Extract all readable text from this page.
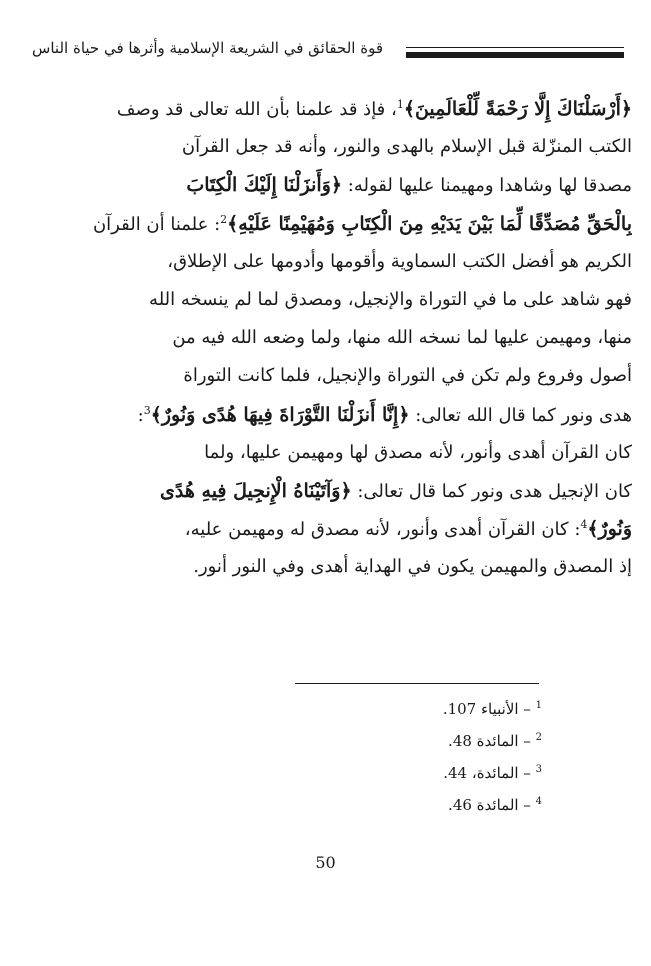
قوة الحقائق في الشريعة الإسلامية وأثرها في حياة الناس
﴿أَرْسَلْنَاكَ إِلَّا رَحْمَةً لِّلْعَالَمِينَ﴾$^1$، فإذ قد علمنا بأن الله تعالى قد وصف
الكتب المنزّلة قبل الإسلام بالهدى والنور، وأنه قد جعل القرآن
مصدقا لها وشاهدا ومهيمنا عليها لقوله: ﴿وَأَنزَلْنَا إِلَيْكَ الْكِتَابَ
بِالْحَقِّ مُصَدِّقًا لِّمَا بَيْنَ يَدَيْهِ مِنَ الْكِتَابِ وَمُهَيْمِنًا عَلَيْهِ﴾$^2$: علمنا أن القرآن
الكريم هو أفضل الكتب السماوية وأقومها وأدومها على الإطلاق،
فهو شاهد على ما في التوراة والإنجيل، ومصدق لما لم ينسخه الله
منها، ومهيمن عليها لما نسخه الله منها، ولما وضعه الله فيه من
أصول وفروع ولم تكن في التوراة والإنجيل، فلما كانت التوراة
هدى ونور كما قال الله تعالى: ﴿إِنَّا أَنزَلْنَا التَّوْرَاةَ فِيهَا هُدًى وَنُورٌ﴾$^3$:
كان القرآن أهدى وأنور، لأنه مصدق لها ومهيمن عليها، ولما
كان الإنجيل هدى ونور كما قال تعالى: ﴿وَآتَيْنَاهُ الْإِنجِيلَ فِيهِ هُدًى
وَنُورٌ﴾$^4$: كان القرآن أهدى وأنور، لأنه مصدق له ومهيمن عليه،
إذ المصدق والمهيمن يكون في الهداية أهدى وفي النور أنور.
$^1$ – الأنبياء 107.
$^2$ – المائدة 48.
$^3$ – المائدة، 44.
$^4$ – المائدة 46.
50
